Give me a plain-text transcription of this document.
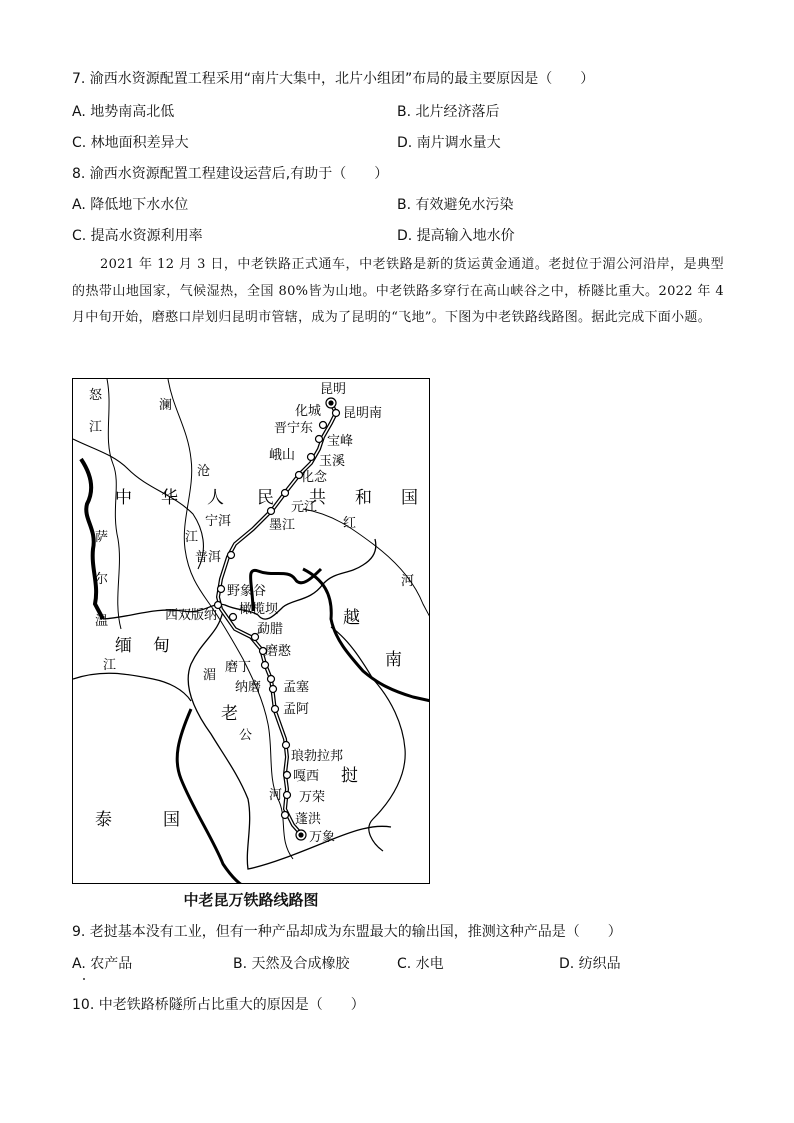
7. 渝西水资源配置工程采用“南片大集中，北片小组团”布局的最主要原因是（　　）
A. 地势南高北低	B. 北片经济落后
C. 林地面积差异大	D. 南片调水量大
8. 渝西水资源配置工程建设运营后,有助于（　　）
A. 降低地下水水位	B. 有效避免水污染
C. 提高水资源利用率	D. 提高输入地水价

2021 年 12 月 3 日，中老铁路正式通车，中老铁路是新的货运黄金通道。老挝位于湄公河沿岸，是典型的热带山地国家，气候湿热，全国 80%皆为山地。中老铁路多穿行在高山峡谷之中，桥隧比重大。2022 年 4 月中旬开始，磨憨口岸划归昆明市管辖，成为了昆明的“飞地”。下图为中老铁路线路图。据此完成下面小题。

昆明
化城 昆明南
晋宁东
宝峰
峨山 玉溪
化念
元江
墨江
宁洱
普洱
野象谷
西双版纳 橄榄坝
勐腊
磨憨
磨丁
纳磨 孟塞
孟阿
琅勃拉邦
嘎西
万荣
蓬洪
万象
中 华 人 民 共 和 国
缅 甸
老
挝
越
南
泰	国
怒
江
澜
沧
江
萨
尔
温
江
红
河
湄
公
河
中老昆万铁路线路图
9. 老挝基本没有工业，但有一种产品却成为东盟最大的输出国，推测这种产品是（　　）
A. 农产品	B. 天然及合成橡胶	C. 水电	D. 纺织品
10. 中老铁路桥隧所占比重大的原因是（　　）
